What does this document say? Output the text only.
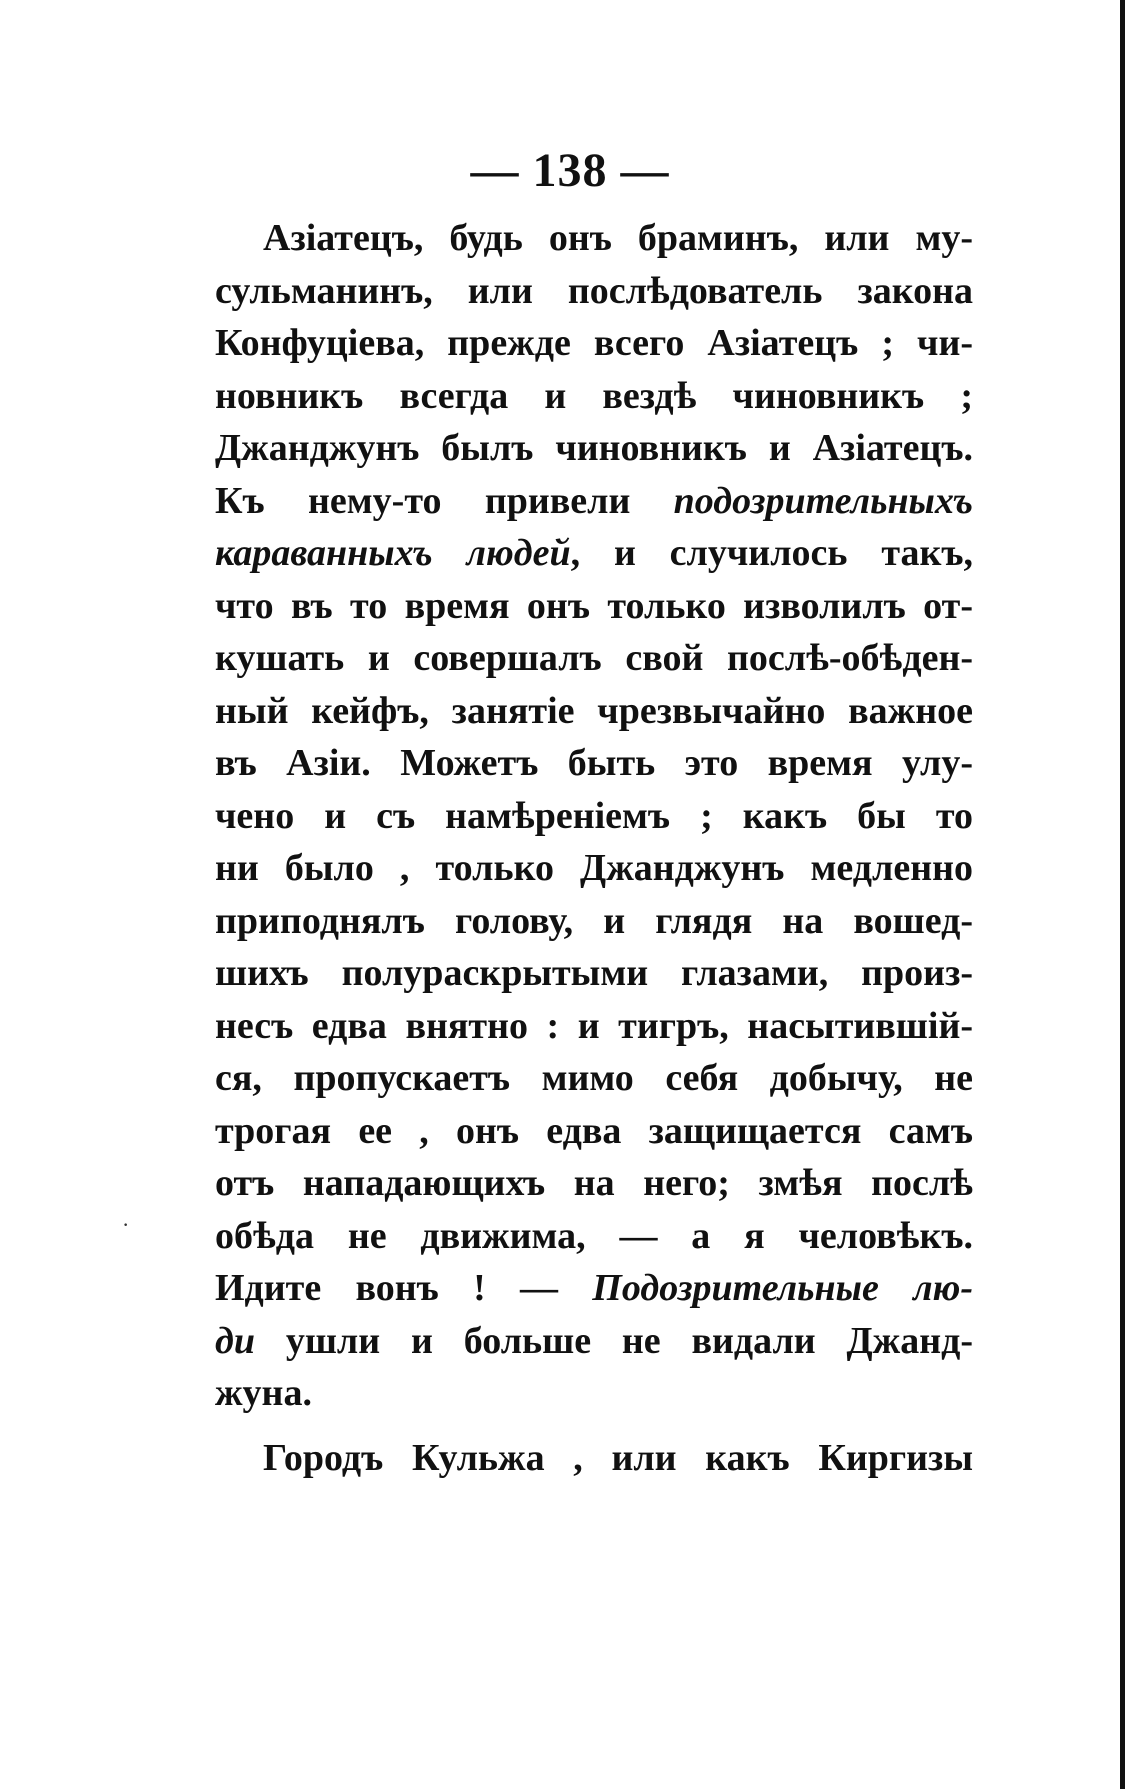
— 138 —
Азіатецъ, будь онъ браминъ, или му-
сульманинъ, или послѣдователь закона
Конфуціева, прежде всего Азіатецъ ; чи-
новникъ всегда и вездѣ чиновникъ ;
Джанджунъ былъ чиновникъ и Азіатецъ.
Къ нему-то привели подозрительныхъ
караванныхъ людей, и случилось такъ,
что въ то время онъ только изволилъ от-
кушать и совершалъ свой послѣ-обѣден-
ный кейфъ, занятіе чрезвычайно важное
въ Азіи. Можетъ быть это время улу-
чено и съ намѣреніемъ ; какъ бы то
ни было , только Джанджунъ медленно
приподнялъ голову, и глядя на вошед-
шихъ полураскрытыми глазами, произ-
несъ едва внятно : и тигръ, насытившій-
ся, пропускаетъ мимо себя добычу, не
трогая ее , онъ едва защищается самъ
отъ нападающихъ на него; змѣя послѣ
обѣда не движима, — а я человѣкъ.
Идите вонъ ! — Подозрительные лю-
ди ушли и больше не видали Джанд-
жуна.
Городъ Кульжа , или какъ Киргизы
·
